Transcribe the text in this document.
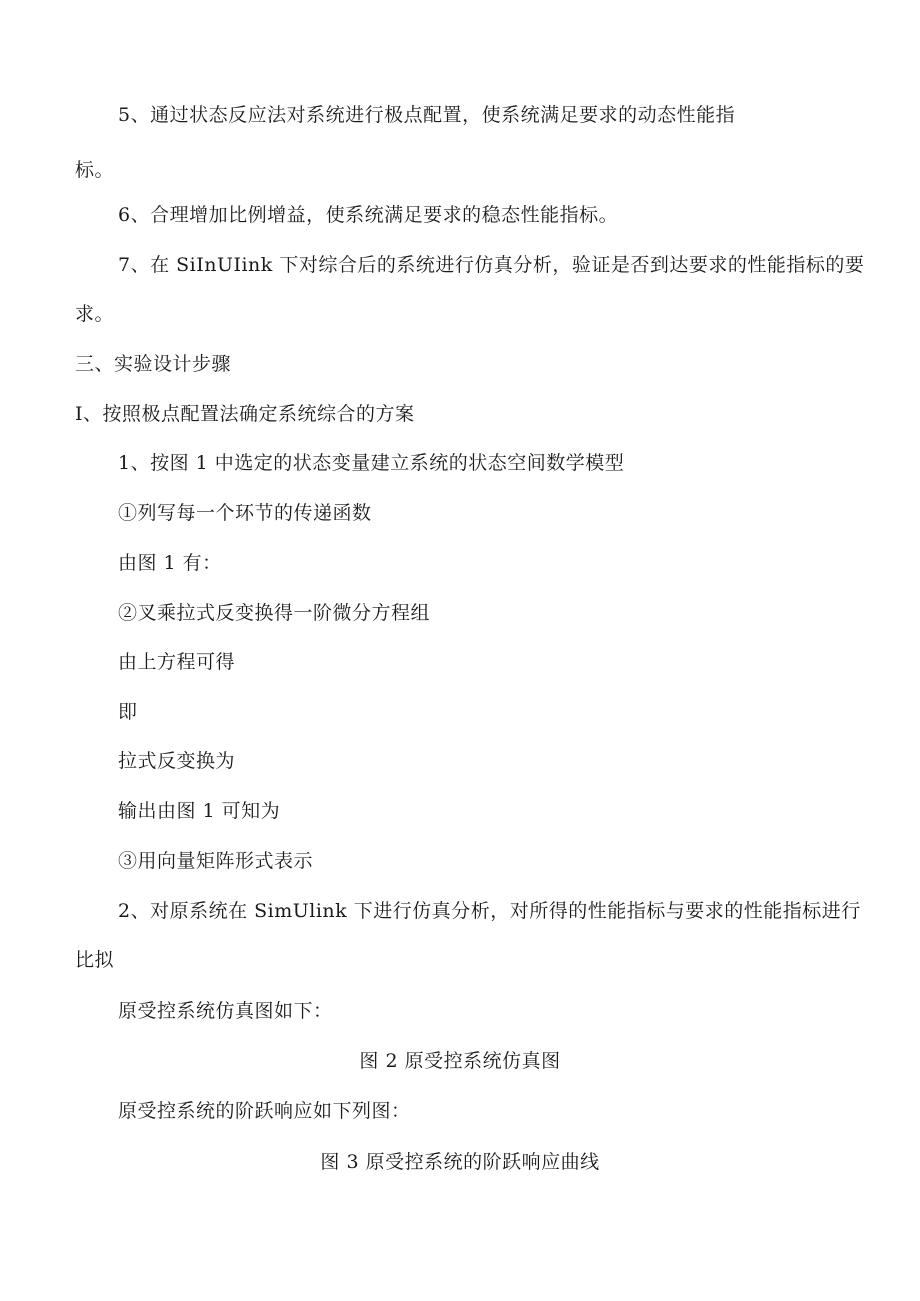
5、通过状态反应法对系统进行极点配置，使系统满足要求的动态性能指
标。
6、合理增加比例增益，使系统满足要求的稳态性能指标。
7、在 SiInUIink 下对综合后的系统进行仿真分析，验证是否到达要求的性能指标的要
求。
三、实验设计步骤
I、按照极点配置法确定系统综合的方案
1、按图 1 中选定的状态变量建立系统的状态空间数学模型
①列写每一个环节的传递函数
由图 1 有：
②叉乘拉式反变换得一阶微分方程组
由上方程可得
即
拉式反变换为
输出由图 1 可知为
③用向量矩阵形式表示
2、对原系统在 SimUlink 下进行仿真分析，对所得的性能指标与要求的性能指标进行
比拟
原受控系统仿真图如下：
图 2 原受控系统仿真图
原受控系统的阶跃响应如下列图：
图 3 原受控系统的阶跃响应曲线
